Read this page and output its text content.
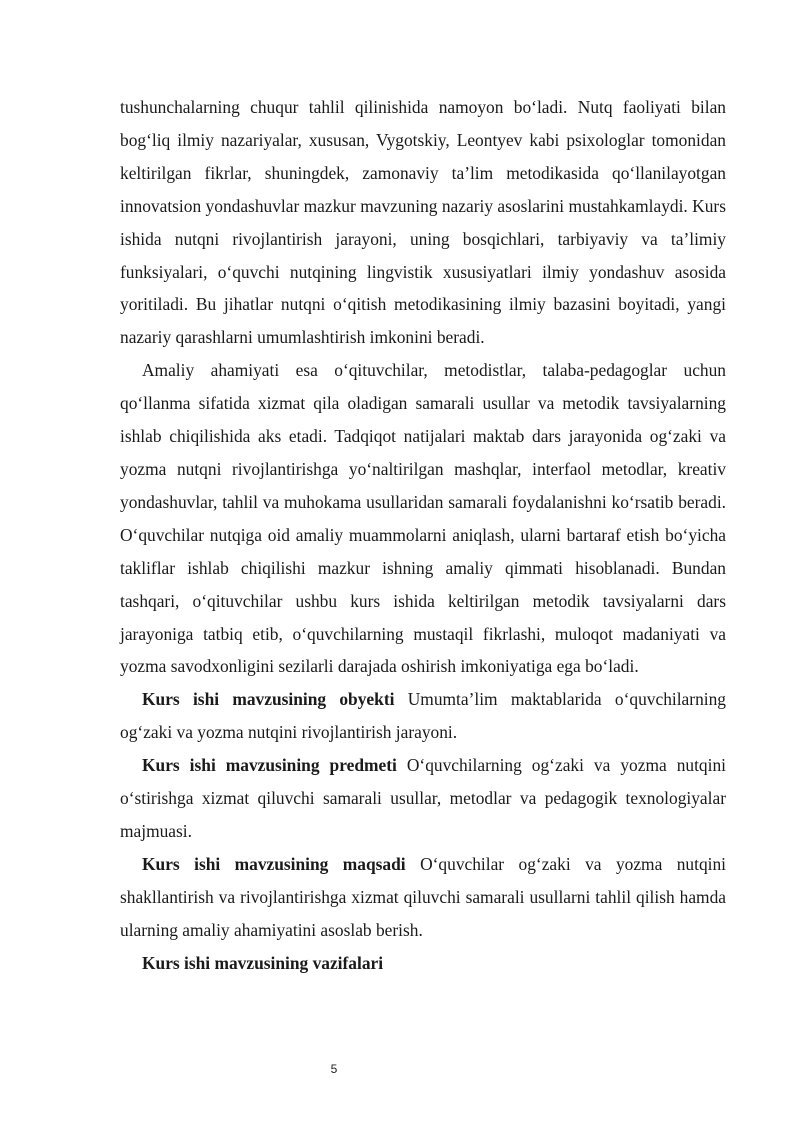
tushunchalarning chuqur tahlil qilinishida namoyon bo‘ladi. Nutq faoliyati bilan bog‘liq ilmiy nazariyalar, xususan, Vygotskiy, Leontyev kabi psixologlar tomonidan keltirilgan fikrlar, shuningdek, zamonaviy ta’lim metodikasida qo‘llanilayotgan innovatsion yondashuvlar mazkur mavzuning nazariy asoslarini mustahkamlaydi. Kurs ishida nutqni rivojlantirish jarayoni, uning bosqichlari, tarbiyaviy va ta’limiy funksiyalari, o‘quvchi nutqining lingvistik xususiyatlari ilmiy yondashuv asosida yoritiladi. Bu jihatlar nutqni o‘qitish metodikasining ilmiy bazasini boyitadi, yangi nazariy qarashlarni umumlashtirish imkonini beradi.

Amaliy ahamiyati esa o‘qituvchilar, metodistlar, talaba-pedagoglar uchun qo‘llanma sifatida xizmat qila oladigan samarali usullar va metodik tavsiyalarning ishlab chiqilishida aks etadi. Tadqiqot natijalari maktab dars jarayonida og‘zaki va yozma nutqni rivojlantirishga yo‘naltirilgan mashqlar, interfaol metodlar, kreativ yondashuvlar, tahlil va muhokama usullaridan samarali foydalanishni ko‘rsatib beradi. O‘quvchilar nutqiga oid amaliy muammolarni aniqlash, ularni bartaraf etish bo‘yicha takliflar ishlab chiqilishi mazkur ishning amaliy qimmati hisoblanadi. Bundan tashqari, o‘qituvchilar ushbu kurs ishida keltirilgan metodik tavsiyalarni dars jarayoniga tatbiq etib, o‘quvchilarning mustaqil fikrlashi, muloqot madaniyati va yozma savodxonligini sezilarli darajada oshirish imkoniyatiga ega bo‘ladi.

Kurs ishi mavzusining obyekti Umumta’lim maktablarida o‘quvchilarning og‘zaki va yozma nutqini rivojlantirish jarayoni.

Kurs ishi mavzusining predmeti O‘quvchilarning og‘zaki va yozma nutqini o‘stirishga xizmat qiluvchi samarali usullar, metodlar va pedagogik texnologiyalar majmuasi.

Kurs ishi mavzusining maqsadi O‘quvchilar og‘zaki va yozma nutqini shakllantirish va rivojlantirishga xizmat qiluvchi samarali usullarni tahlil qilish hamda ularning amaliy ahamiyatini asoslab berish.

Kurs ishi mavzusining vazifalari

5
